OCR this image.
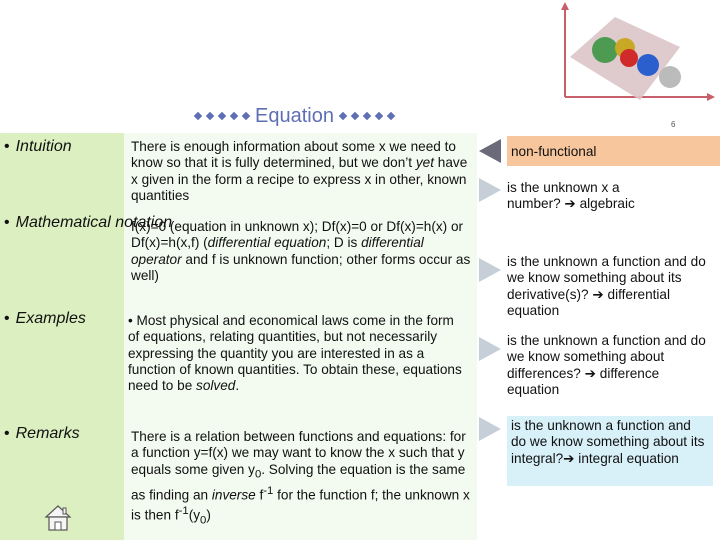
Equation	6
• Intuition
• Mathematical notation
• Examples
• Remarks
There is enough information about some x we need to know so that it is fully determined, but we don’t yet have x given in the form a recipe to express x in other, known quantities
f(x)=0 (equation in unknown x); Df(x)=0 or Df(x)=h(x) or Df(x)=h(x,f) (differential equation; D is differential operator and f is unknown function; other forms occur as well)
• Most physical and economical laws come in the form of equations, relating quantities, but not necessarily expressing the quantity you are interested in as a function of known quantities. To obtain these, equations need to be solved.
There is a relation between functions and equations: for a function y=f(x) we may want to know the x such that y equals some given $y_0$. Solving the equation is the same as finding an inverse $f^{-1}$ for the function f; the unknown x is then $f^{-1}(y_0)$
non-functional
is the unknown x a number? ➔ algebraic
is the unknown a function and do we know something about its derivative(s)? ➔ differential equation
is the unknown a function and do we know something about differences? ➔ difference equation
is the unknown a function and do we know something about its integral?➔ integral equation
